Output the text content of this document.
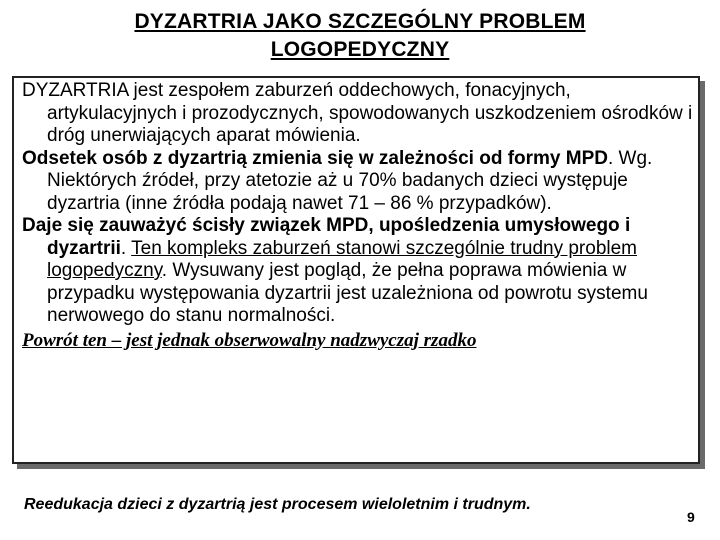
DYZARTRIA JAKO SZCZEGÓLNY PROBLEM
LOGOPEDYCZNY

DYZARTRIA jest zespołem zaburzeń oddechowych, fonacyjnych, artykulacyjnych i prozodycznych, spowodowanych uszkodzeniem ośrodków i dróg unerwiających aparat mówienia.

Odsetek osób z dyzartrią zmienia się w zależności od formy MPD. Wg. Niektórych źródeł, przy atetozie aż u 70% badanych dzieci występuje dyzartria (inne źródła podają nawet 71 – 86 % przypadków).

Daje się zauważyć ścisły związek MPD, upośledzenia umysłowego i dyzartrii. Ten kompleks zaburzeń stanowi szczególnie trudny problem logopedyczny. Wysuwany jest pogląd, że pełna poprawa mówienia w przypadku występowania dyzartrii jest uzależniona od powrotu systemu nerwowego do stanu normalności.

Powrót ten – jest jednak obserwowalny nadzwyczaj rzadko

Reedukacja dzieci z dyzartrią jest procesem wieloletnim i trudnym.
9
